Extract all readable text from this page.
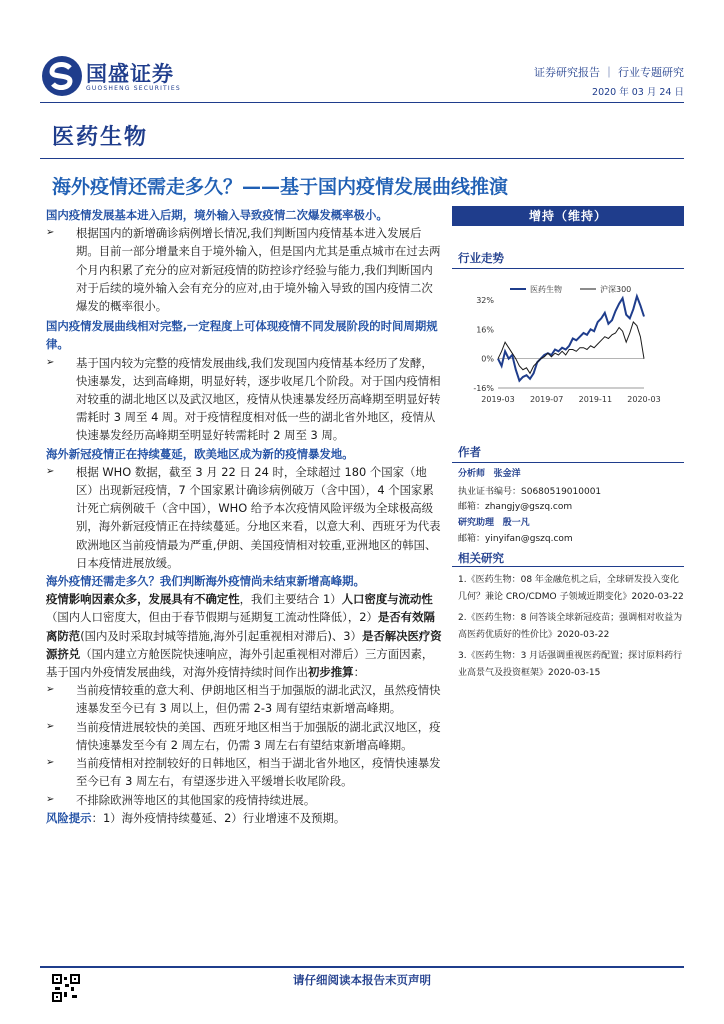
国盛证券
GUOSHENG SECURITIES
证券研究报告 ｜ 行业专题研究
2020 年 03 月 24 日
医药生物
海外疫情还需走多久？——基于国内疫情发展曲线推演
国内疫情发展基本进入后期，境外输入导致疫情二次爆发概率极小。
➢ 根据国内的新增确诊病例增长情况,我们判断国内疫情基本进入发展后期。目前一部分增量来自于境外输入，但是国内尤其是重点城市在过去两个月内积累了充分的应对新冠疫情的防控诊疗经验与能力,我们判断国内对于后续的境外输入会有充分的应对,由于境外输入导致的国内疫情二次爆发的概率很小。
国内疫情发展曲线相对完整,一定程度上可体现疫情不同发展阶段的时间周期规律。
➢ 基于国内较为完整的疫情发展曲线,我们发现国内疫情基本经历了发酵，快速暴发，达到高峰期，明显好转，逐步收尾几个阶段。对于国内疫情相对较重的湖北地区以及武汉地区，疫情从快速暴发经历高峰期至明显好转需耗时 3 周至 4 周。对于疫情程度相对低一些的湖北省外地区，疫情从快速暴发经历高峰期至明显好转需耗时 2 周至 3 周。
海外新冠疫情正在持续蔓延，欧美地区成为新的疫情暴发地。
➢ 根据 WHO 数据，截至 3 月 22 日 24 时，全球超过 180 个国家（地区）出现新冠疫情，7 个国家累计确诊病例破万（含中国），4 个国家累计死亡病例破千（含中国），WHO 给予本次疫情风险评级为全球极高级别，海外新冠疫情正在持续蔓延。分地区来看，以意大利、西班牙为代表欧洲地区当前疫情最为严重,伊朗、美国疫情相对较重,亚洲地区的韩国、日本疫情进展放缓。
海外疫情还需走多久？我们判断海外疫情尚未结束新增高峰期。
疫情影响因素众多，发展具有不确定性，我们主要结合 1）人口密度与流动性（国内人口密度大，但由于春节假期与延期复工流动性降低），2）是否有效隔离防范(国内及时采取封城等措施,海外引起重视相对滞后)、3）是否解决医疗资源挤兑（国内建立方舱医院快速响应，海外引起重视相对滞后）三方面因素，基于国内外疫情发展曲线，对海外疫情持续时间作出初步推算：
➢ 当前疫情较重的意大利、伊朗地区相当于加强版的湖北武汉，虽然疫情快速暴发至今已有 3 周以上，但仍需 2-3 周有望结束新增高峰期。
➢ 当前疫情进展较快的美国、西班牙地区相当于加强版的湖北武汉地区，疫情快速暴发至今有 2 周左右，仍需 3 周左右有望结束新增高峰期。
➢ 当前疫情相对控制较好的日韩地区，相当于湖北省外地区，疫情快速暴发至今已有 3 周左右，有望逐步进入平缓增长收尾阶段。
➢ 不排除欧洲等地区的其他国家的疫情持续进展。
风险提示：1）海外疫情持续蔓延、2）行业增速不及预期。
增持（维持）
行业走势
医药生物	沪深300
32%
16%
0%
-16%
2019-03 2019-07 2019-11 2020-03
作者
分析师 张金洋
执业证书编号：S0680519010001
邮箱：zhangjy@gszq.com
研究助理 殷一凡
邮箱：yinyifan@gszq.com
相关研究
1.《医药生物：08 年金融危机之后，全球研发投入变化几何？兼论 CRO/CDMO 子领域近期变化》2020-03-22
2.《医药生物：8 问答谈全球新冠疫苗；强调相对收益为高医药优质好的性价比》2020-03-22
3.《医药生物：3 月话强调重视医药配置；探讨原料药行业高景气及投资框架》2020-03-15
请仔细阅读本报告末页声明
